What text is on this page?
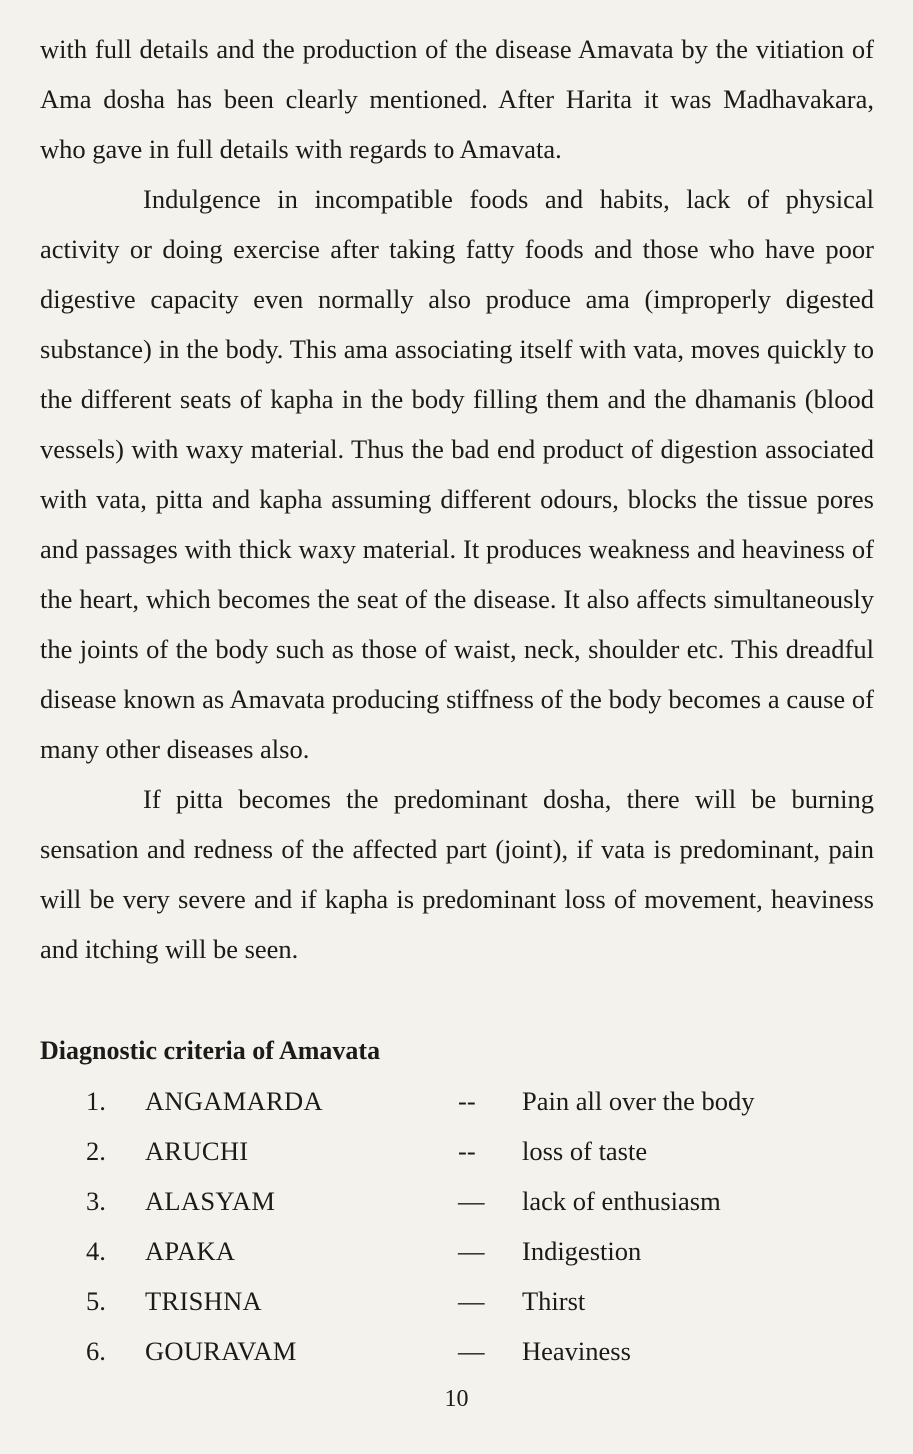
with full details and the production of the disease Amavata by the vitiation of Ama dosha has been clearly mentioned. After Harita it was Madhavakara, who gave in full details with regards to Amavata.

Indulgence in incompatible foods and habits, lack of physical activity or doing exercise after taking fatty foods and those who have poor digestive capacity even normally also produce ama (improperly digested substance) in the body. This ama associating itself with vata, moves quickly to the different seats of kapha in the body filling them and the dhamanis (blood vessels) with waxy material. Thus the bad end product of digestion associated with vata, pitta and kapha assuming different odours, blocks the tissue pores and passages with thick waxy material. It produces weakness and heaviness of the heart, which becomes the seat of the disease. It also affects simultaneously the joints of the body such as those of waist, neck, shoulder etc. This dreadful disease known as Amavata producing stiffness of the body becomes a cause of many other diseases also.

If pitta becomes the predominant dosha, there will be burning sensation and redness of the affected part (joint), if vata is predominant, pain will be very severe and if kapha is predominant loss of movement, heaviness and itching will be seen.

Diagnostic criteria of Amavata
1. ANGAMARDA	-- Pain all over the body
2. ARUCHI	-- loss of taste
3. ALASYAM	— lack of enthusiasm
4. APAKA	— Indigestion
5. TRISHNA	— Thirst
6. GOURAVAM	— Heaviness
10
